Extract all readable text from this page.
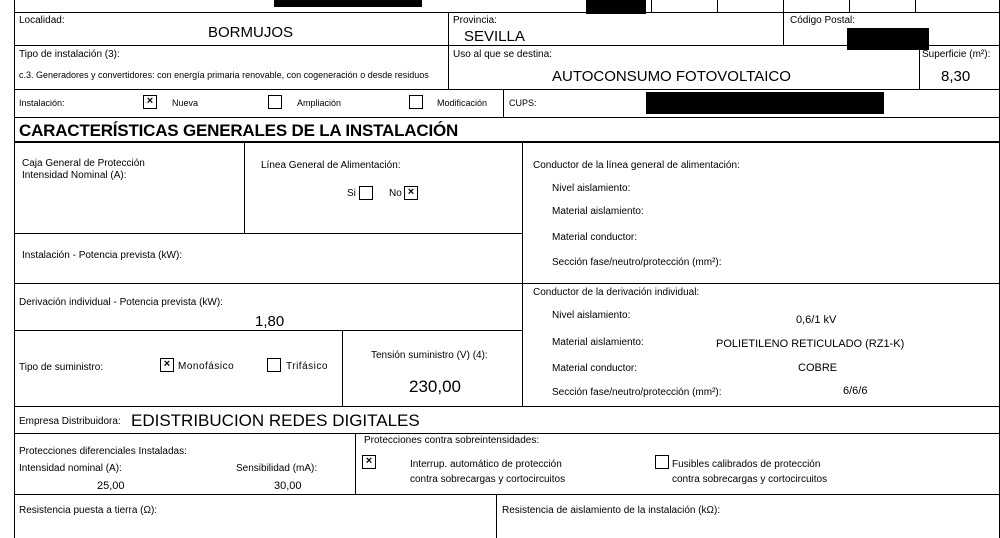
Localidad:
BORMUJOS
Provincia:
SEVILLA
Código Postal:
Tipo de instalación (3):
c.3. Generadores y convertidores: con energía primaria renovable, con cogeneración o desde residuos
Uso al que se destina:
AUTOCONSUMO FOTOVOLTAICO
Superficie (m²):
8,30
Instalación:	×	Nueva	Ampliación	Modificación CUPS:
CARACTERÍSTICAS GENERALES DE LA INSTALACIÓN
Caja General de Protección
Intensidad Nominal (A):
Línea General de Alimentación:
Si	No ×
Conductor de la línea general de alimentación:
Nivel aislamiento:
Material aislamiento:
Material conductor:
Sección fase/neutro/protección (mm²):
Instalación - Potencia prevista (kW):
Derivación individual - Potencia prevista (kW):
1,80
Conductor de la derivación individual:
Nivel aislamiento:	0,6/1 kV
Material aislamiento:	POLIETILENO RETICULADO (RZ1-K)
Material conductor:	COBRE
Sección fase/neutro/protección (mm²):	6/6/6
Tipo de suministro:	× Monofásico	Trifásico
Tensión suministro (V) (4):
230,00
Empresa Distribuidora: EDISTRIBUCION REDES DIGITALES
Protecciones diferenciales Instaladas:
Intensidad nominal (A):
25,00
Sensibilidad (mA):
30,00
Protecciones contra sobreintensidades:
×	Interrup. automático de protección
contra sobrecargas y cortocircuitos
Fusibles calibrados de protección
contra sobrecargas y cortocircuitos
Resistencia puesta a tierra (Ω):	Resistencia de aislamiento de la instalación (kΩ):
